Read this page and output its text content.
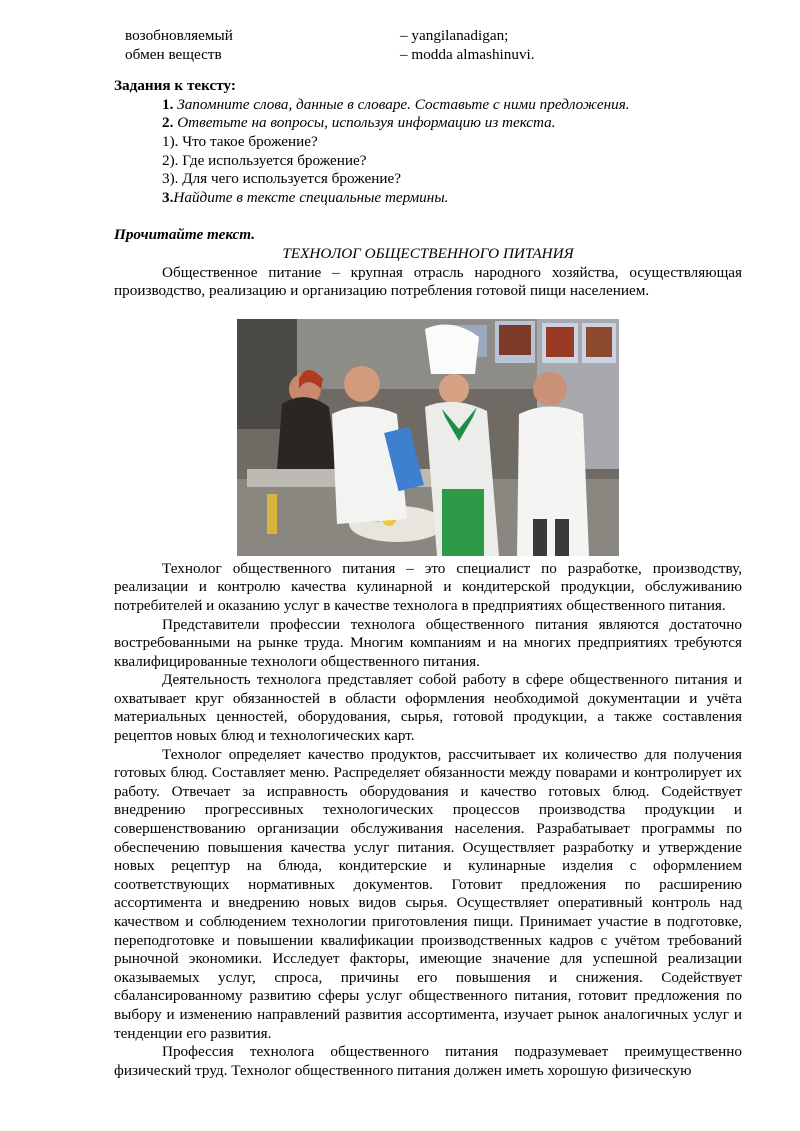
возобновляемый	– yangilanadigan;
обмен веществ	– modda almashinuvi.
Задания к тексту:
1. Запомните слова, данные в словаре. Составьте с ними предложения.
2. Ответьте на вопросы, используя информацию из текста.
1). Что такое брожение?
2). Где используется брожение?
3). Для чего используется брожение?
3.Найдите в тексте специальные термины.
Прочитайте текст.
ТЕХНОЛОГ ОБЩЕСТВЕННОГО ПИТАНИЯ

Общественное питание – крупная отрасль народного хозяйства, осуществляющая производство, реализацию и организацию потребления готовой пищи населением.

Технолог общественного питания – это специалист по разработке, производству, реализации и контролю качества кулинарной и кондитерской продукции, обслуживанию потребителей и оказанию услуг в качестве технолога в предприятиях общественного питания.

Представители профессии технолога общественного питания являются достаточно востребованными на рынке труда. Многим компаниям и на многих предприятиях требуются квалифицированные технологи общественного питания.

Деятельность технолога представляет собой работу в сфере общественного питания и охватывает круг обязанностей в области оформления необходимой документации и учёта материальных ценностей, оборудования, сырья, готовой продукции, а также составления рецептов новых блюд и технологических карт.

Технолог определяет качество продуктов, рассчитывает их количество для получения готовых блюд. Составляет меню. Распределяет обязанности между поварами и контролирует их работу. Отвечает за исправность оборудования и качество готовых блюд. Содействует внедрению прогрессивных технологических процессов производства продукции и совершенствованию организации обслуживания населения. Разрабатывает программы по обеспечению повышения качества услуг питания. Осуществляет разработку и утверждение новых рецептур на блюда, кондитерские и кулинарные изделия с оформлением соответствующих нормативных документов. Готовит предложения по расширению ассортимента и внедрению новых видов сырья. Осуществляет оперативный контроль над качеством и соблюдением технологии приготовления пищи. Принимает участие в подготовке, переподготовке и повышении квалификации производственных кадров с учётом требований рыночной экономики. Исследует факторы, имеющие значение для успешной реализации оказываемых услуг, спроса, причины его повышения и снижения. Содействует сбалансированному развитию сферы услуг общественного питания, готовит предложения по выбору и изменению направлений развития ассортимента, изучает рынок аналогичных услуг и тенденции его развития.

Профессия технолога общественного питания подразумевает преимущественно физический труд. Технолог общественного питания должен иметь хорошую физическую
